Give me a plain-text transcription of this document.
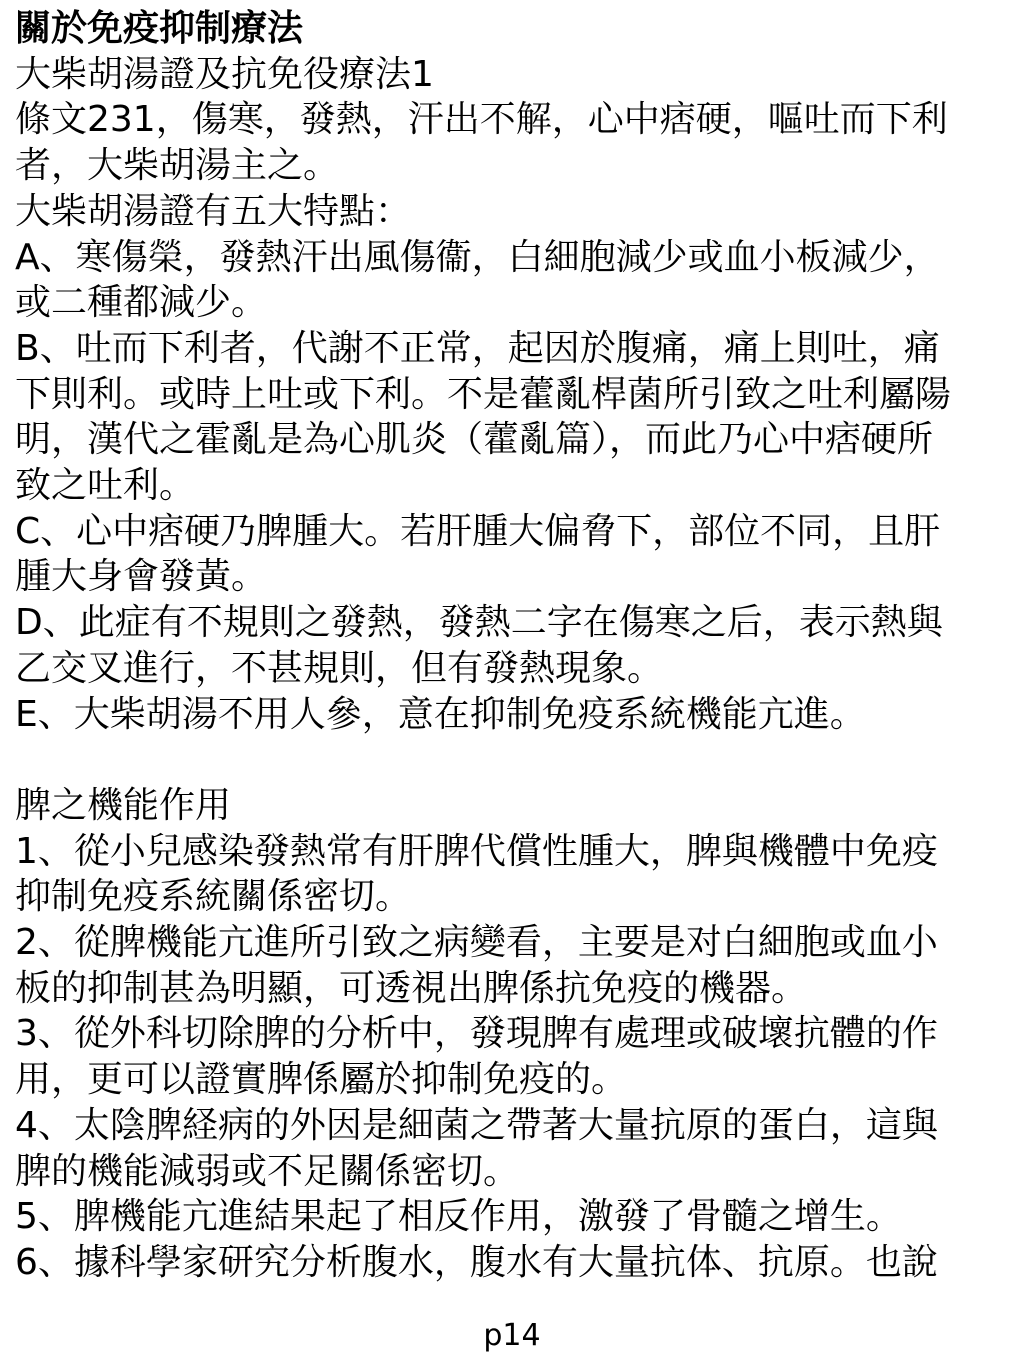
關於免疫抑制療法

大柴胡湯證及抗免役療法1

條文231，傷寒，發熱，汗出不解，心中痞硬，嘔吐而下利

者，大柴胡湯主之。

大柴胡湯證有五大特點：

A、寒傷榮，發熱汗出風傷衞，白細胞減少或血小板減少，

或二種都減少。

B、吐而下利者，代謝不正常，起因於腹痛，痛上則吐，痛

下則利。或時上吐或下利。不是藿亂桿菌所引致之吐利屬陽

明，漢代之霍亂是為心肌炎（藿亂篇），而此乃心中痞硬所

致之吐利。

C、心中痞硬乃脾腫大。若肝腫大偏脅下，部位不同，且肝

腫大身會發黃。

D、此症有不規則之發熱，發熱二字在傷寒之后，表示熱與

乙交叉進行，不甚規則，但有發熱現象。

E、大柴胡湯不用人參，意在抑制免疫系統機能亢進。

脾之機能作用

1、從小兒感染發熱常有肝脾代償性腫大，脾與機體中免疫

抑制免疫系統關係密切。

2、從脾機能亢進所引致之病變看，主要是对白細胞或血小

板的抑制甚為明顯，可透視出脾係抗免疫的機器。

3、從外科切除脾的分析中，發現脾有處理或破壞抗體的作

用，更可以證實脾係屬於抑制免疫的。

4、太陰脾経病的外因是細菌之帶著大量抗原的蛋白，這與

脾的機能減弱或不足關係密切。

5、脾機能亢進結果起了相反作用，激發了骨髓之增生。

6、據科學家研究分析腹水，腹水有大量抗体、抗原。也說

p14
